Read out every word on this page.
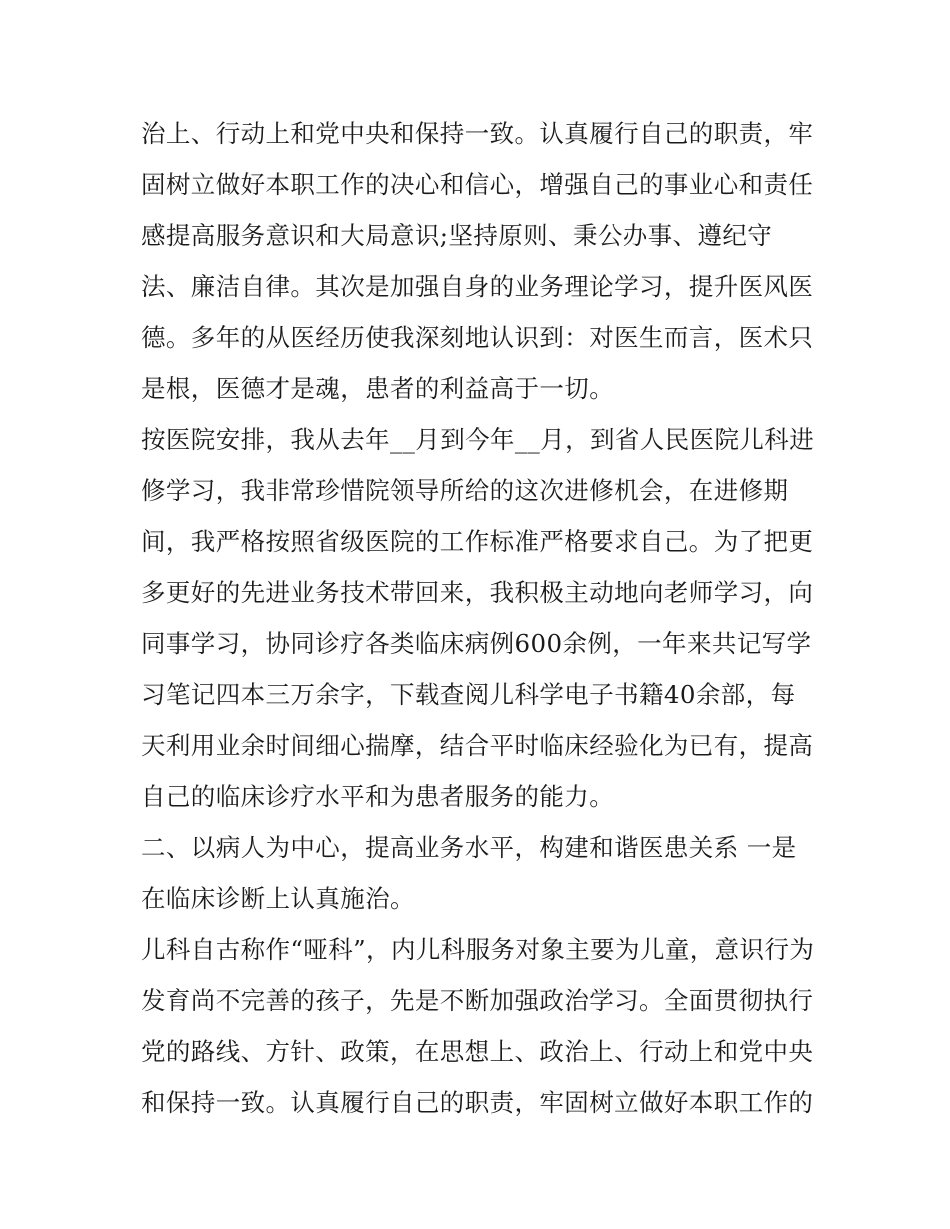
治上、行动上和党中央和保持一致。认真履行自己的职责，牢
固树立做好本职工作的决心和信心，增强自己的事业心和责任
感提高服务意识和大局意识;坚持原则、秉公办事、遵纪守
法、廉洁自律。其次是加强自身的业务理论学习，提升医风医
德。多年的从医经历使我深刻地认识到：对医生而言，医术只
是根，医德才是魂，患者的利益高于一切。
按医院安排，我从去年__月到今年__月，到省人民医院儿科进
修学习，我非常珍惜院领导所给的这次进修机会，在进修期
间，我严格按照省级医院的工作标准严格要求自己。为了把更
多更好的先进业务技术带回来，我积极主动地向老师学习，向
同事学习，协同诊疗各类临床病例600余例，一年来共记写学
习笔记四本三万余字，下载查阅儿科学电子书籍40余部，每
天利用业余时间细心揣摩，结合平时临床经验化为已有，提高
自己的临床诊疗水平和为患者服务的能力。
二、以病人为中心，提高业务水平，构建和谐医患关系 一是
在临床诊断上认真施治。
儿科自古称作“哑科”，内儿科服务对象主要为儿童，意识行为
发育尚不完善的孩子，先是不断加强政治学习。全面贯彻执行
党的路线、方针、政策，在思想上、政治上、行动上和党中央
和保持一致。认真履行自己的职责，牢固树立做好本职工作的
